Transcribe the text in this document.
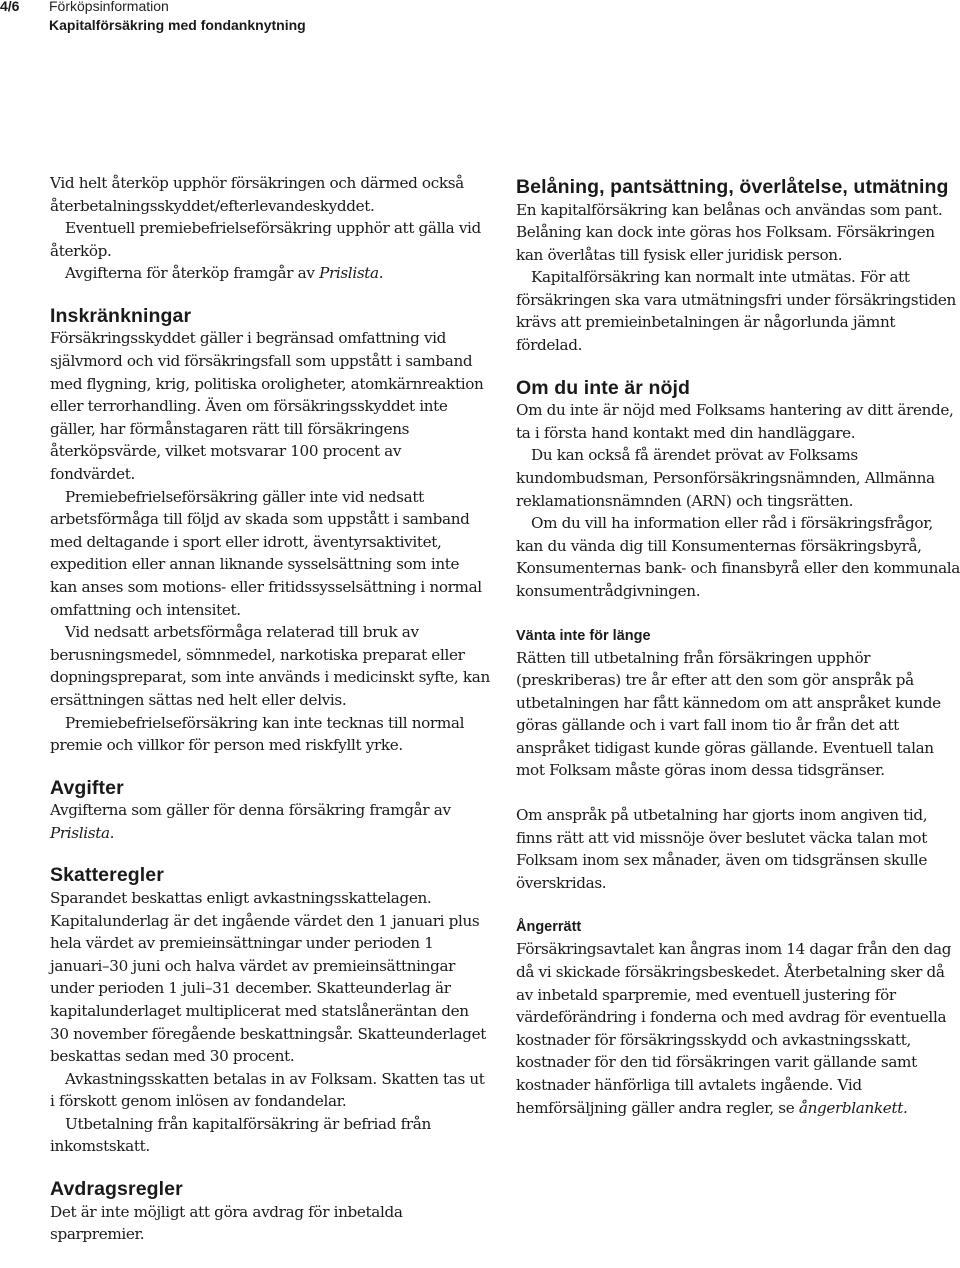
4/6 Förköpsinformation
Kapitalförsäkring med fondanknytning

Vid helt återköp upphör försäkringen och därmed också återbetalningsskyddet/efterlevandeskyddet.

Eventuell premiebefrielseförsäkring upphör att gälla vid återköp.

Avgifterna för återköp framgår av Prislista.

Inskränkningar

Försäkringsskyddet gäller i begränsad omfattning vid självmord och vid försäkringsfall som uppstått i samband med flygning, krig, politiska oroligheter, atomkärnreaktion eller terrorhandling. Även om försäkringsskyddet inte gäller, har förmånstagaren rätt till försäkringens återköpsvärde, vilket motsvarar 100 procent av fondvärdet.

Premiebefrielseförsäkring gäller inte vid nedsatt arbetsförmåga till följd av skada som uppstått i samband med deltagande i sport eller idrott, äventyrsaktivitet, expedition eller annan liknande sysselsättning som inte kan anses som motions- eller fritidssysselsättning i normal omfattning och intensitet.

Vid nedsatt arbetsförmåga relaterad till bruk av berusningsmedel, sömnmedel, narkotiska preparat eller dopningspreparat, som inte används i medicinskt syfte, kan ersättningen sättas ned helt eller delvis.

Premiebefrielseförsäkring kan inte tecknas till normal premie och villkor för person med riskfyllt yrke.

Avgifter

Avgifterna som gäller för denna försäkring framgår av Prislista.

Skatteregler

Sparandet beskattas enligt avkastningsskattelagen. Kapitalunderlag är det ingående värdet den 1 januari plus hela värdet av premieinsättningar under perioden 1 januari–30 juni och halva värdet av premieinsättningar under perioden 1 juli–31 december. Skatteunderlag är kapitalunderlaget multiplicerat med statslåneräntan den 30 november föregående beskattningsår. Skatteunderlaget beskattas sedan med 30 procent.

Avkastningsskatten betalas in av Folksam. Skatten tas ut i förskott genom inlösen av fondandelar.

Utbetalning från kapitalförsäkring är befriad från inkomstskatt.

Avdragsregler

Det är inte möjligt att göra avdrag för inbetalda sparpremier.

Belåning, pantsättning, överlåtelse, utmätning

En kapitalförsäkring kan belånas och användas som pant. Belåning kan dock inte göras hos Folksam. Försäkringen kan överlåtas till fysisk eller juridisk person.

Kapitalförsäkring kan normalt inte utmätas. För att försäkringen ska vara utmätningsfri under försäkringstiden krävs att premieinbetalningen är någorlunda jämnt fördelad.

Om du inte är nöjd

Om du inte är nöjd med Folksams hantering av ditt ärende, ta i första hand kontakt med din handläggare.

Du kan också få ärendet prövat av Folksams kundombudsman, Personförsäkringsnämnden, Allmänna reklamationsnämnden (ARN) och tingsrätten.

Om du vill ha information eller råd i försäkringsfrågor, kan du vända dig till Konsumenternas försäkringsbyrå, Konsumenternas bank- och finansbyrå eller den kommunala konsumentrådgivningen.

Vänta inte för länge

Rätten till utbetalning från försäkringen upphör (preskriberas) tre år efter att den som gör anspråk på utbetalningen har fått kännedom om att anspråket kunde göras gällande och i vart fall inom tio år från det att anspråket tidigast kunde göras gällande. Eventuell talan mot Folksam måste göras inom dessa tidsgränser.

Om anspråk på utbetalning har gjorts inom angiven tid, finns rätt att vid missnöje över beslutet väcka talan mot Folksam inom sex månader, även om tidsgränsen skulle överskridas.

Ångerrätt

Försäkringsavtalet kan ångras inom 14 dagar från den dag då vi skickade försäkringsbeskedet. Återbetalning sker då av inbetald sparpremie, med eventuell justering för värdeförändring i fonderna och med avdrag för eventuella kostnader för försäkringsskydd och avkastningsskatt, kostnader för den tid försäkringen varit gällande samt kostnader hänförliga till avtalets ingående. Vid hemförsäljning gäller andra regler, se ångerblankett.
